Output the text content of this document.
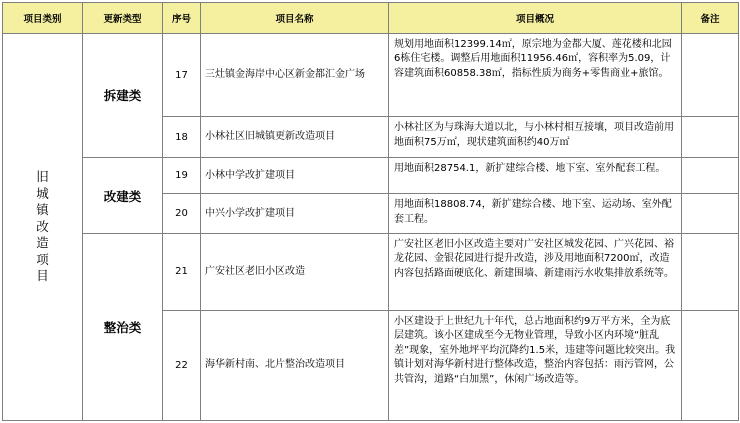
项目类别	更新类型	序号	项目名称	项目概况	备注

旧城镇改造项目	拆建类	17	三灶镇金海岸中心区新金都汇金广场	规划用地面积12399.14㎡，原宗地为金都大厦、莲花楼和北园6栋住宅楼。调整后用地面积11956.46㎡，容积率为5.09，计容建筑面积60858.38㎡，指标性质为商务+零售商业+旅馆。	

		18	小林社区旧城镇更新改造项目	小林社区为与珠海大道以北，与小林村相互接壤，项目改造前用地面积75万㎡，现状建筑面积约40万㎡	

	改建类	19	小林中学改扩建项目	用地面积28754.1，新扩建综合楼、地下室、室外配套工程。	

		20	中兴小学改扩建项目	用地面积18808.74，新扩建综合楼、地下室、运动场、室外配套工程。	

	整治类	21	广安社区老旧小区改造	广安社区老旧小区改造主要对广安社区城发花园、广兴花园、裕龙花园、金银花园进行提升改造，涉及用地面积7200㎡，改造内容包括路面硬底化、新建围墙、新建雨污水收集排放系统等。	

		22	海华新村南、北片整治改造项目	小区建设于上世纪九十年代，总占地面积约9万平方米，全为底层建筑。该小区建成至今无物业管理，导致小区内环境“脏乱差”现象，室外地坪平均沉降约1.5米，违建等问题比较突出。我镇计划对海华新村进行整体改造，整治内容包括：雨污管网，公共管沟，道路“白加黑”，休闲广场改造等。	
